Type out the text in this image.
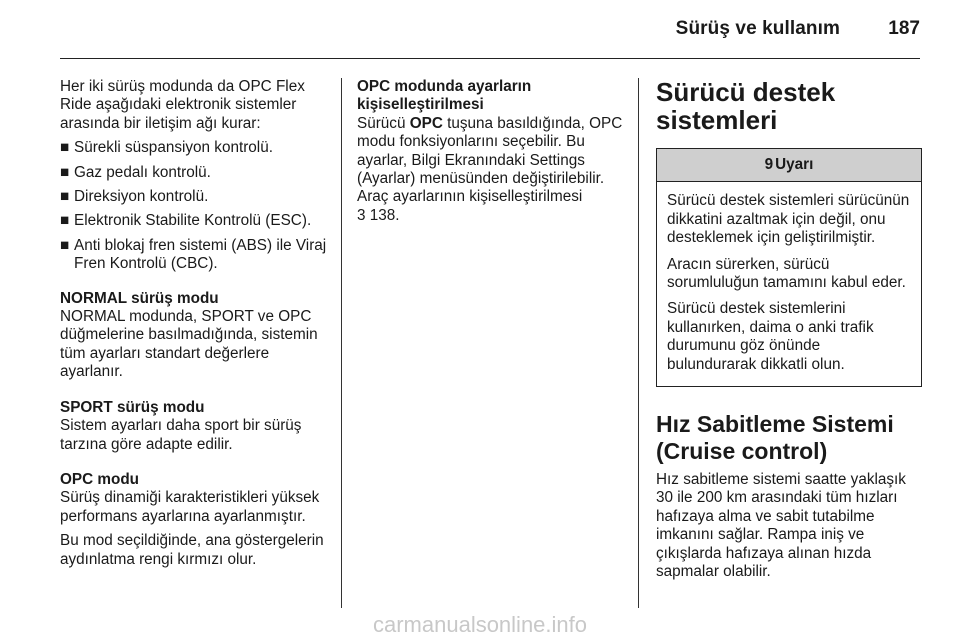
Sürüş ve kullanım	187

Her iki sürüş modunda da OPC Flex Ride aşağıdaki elektronik sistemler arasında bir iletişim ağı kurar:

■ Sürekli süspansiyon kontrolü.
■ Gaz pedalı kontrolü.
■ Direksiyon kontrolü.
■ Elektronik Stabilite Kontrolü (ESC).
■ Anti blokaj fren sistemi (ABS) ile Viraj Fren Kontrolü (CBC).

NORMAL sürüş modu

NORMAL modunda, SPORT ve OPC düğmelerine basılmadığında, sistemin tüm ayarları standart değerlere ayarlanır.

SPORT sürüş modu

Sistem ayarları daha sport bir sürüş tarzına göre adapte edilir.

OPC modu

Sürüş dinamiği karakteristikleri yüksek performans ayarlarına ayarlanmıştır.

Bu mod seçildiğinde, ana göstergelerin aydınlatma rengi kırmızı olur.

OPC modunda ayarların kişiselleştirilmesi

Sürücü OPC tuşuna basıldığında, OPC modu fonksiyonlarını seçebilir. Bu ayarlar, Bilgi Ekranındaki Settings (Ayarlar) menüsünden değiştirilebilir. Araç ayarlarının kişiselleştirilmesi
3 138.

Sürücü destek sistemleri
9 Uyarı

Sürücü destek sistemleri sürücünün dikkatini azaltmak için değil, onu desteklemek için geliştirilmiştir.

Aracın sürerken, sürücü sorumluluğun tamamını kabul eder.

Sürücü destek sistemlerini kullanırken, daima o anki trafik durumunu göz önünde bulundurarak dikkatli olun.

Hız Sabitleme Sistemi (Cruise control)

Hız sabitleme sistemi saatte yaklaşık 30 ile 200 km arasındaki tüm hızları hafızaya alma ve sabit tutabilme imkanını sağlar. Rampa iniş ve çıkışlarda hafızaya alınan hızda sapmalar olabilir.

carmanualsonline.info
